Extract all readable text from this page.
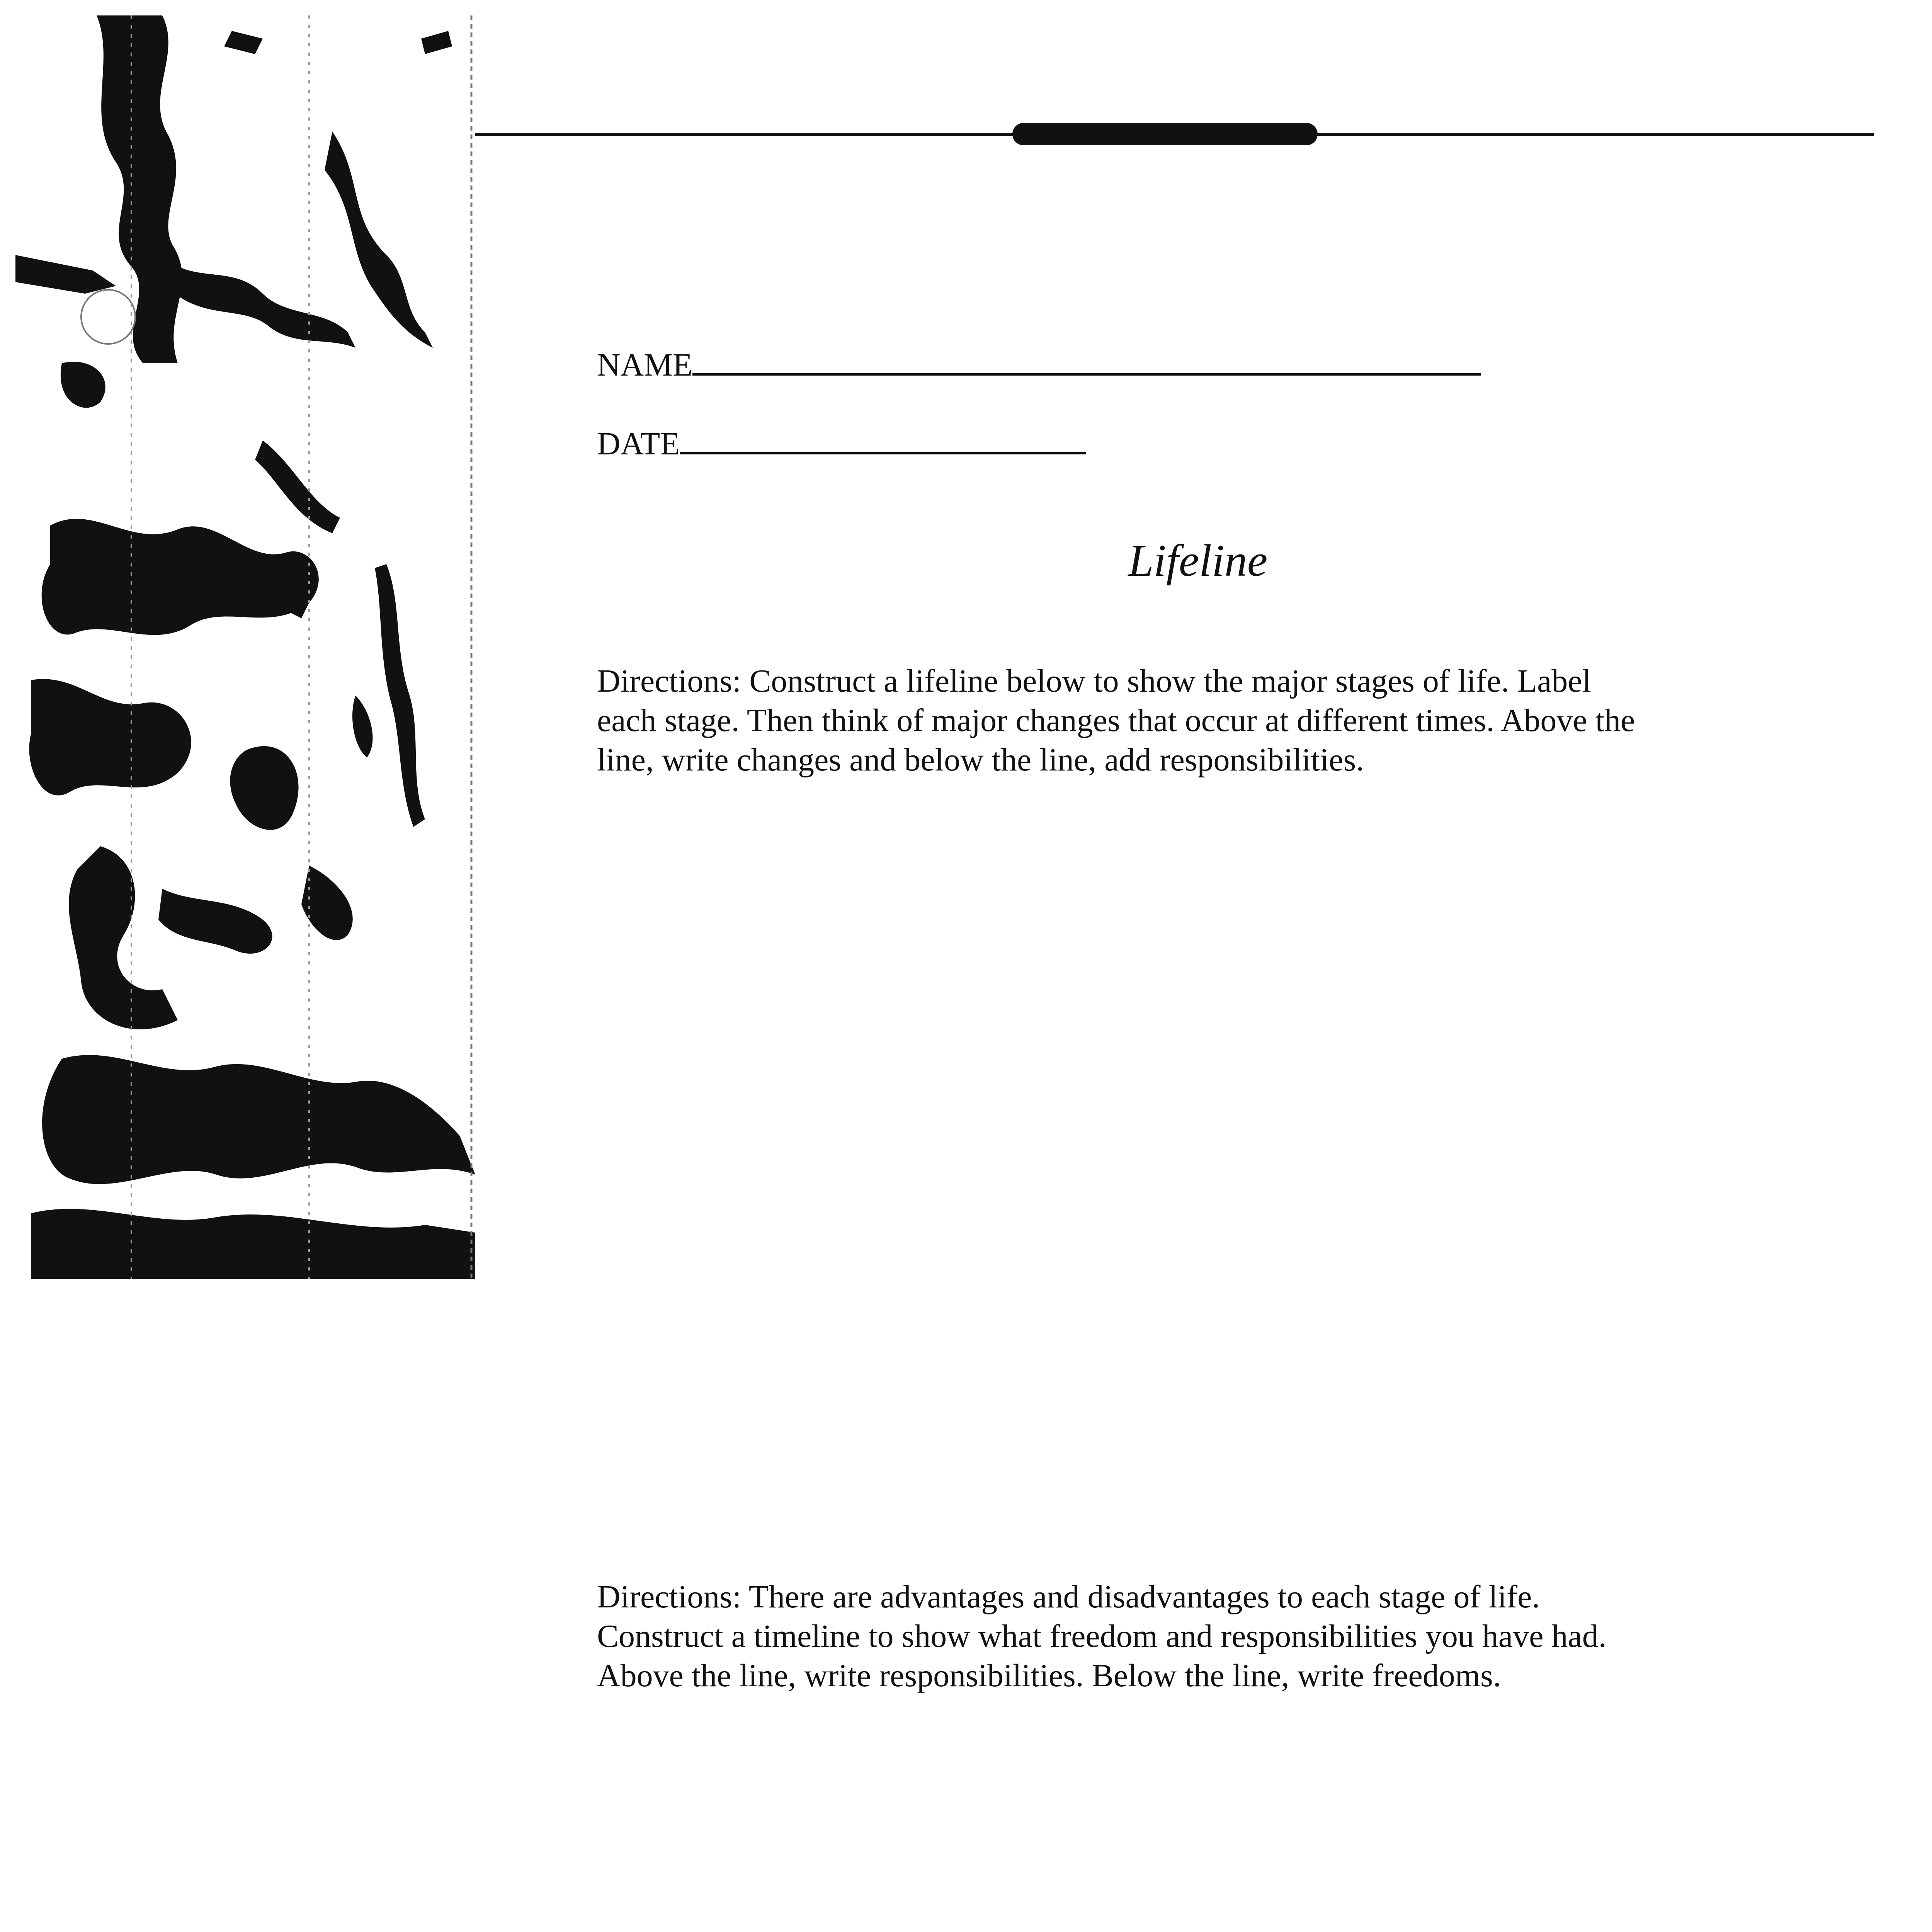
NAME
DATE
Lifeline
Directions: Construct a lifeline below to show the major stages of life. Label
each stage. Then think of major changes that occur at different times. Above the
line, write changes and below the line, add responsibilities.
Directions: There are advantages and disadvantages to each stage of life.
Construct a timeline to show what freedom and responsibilities you have had.
Above the line, write responsibilities. Below the line, write freedoms.
